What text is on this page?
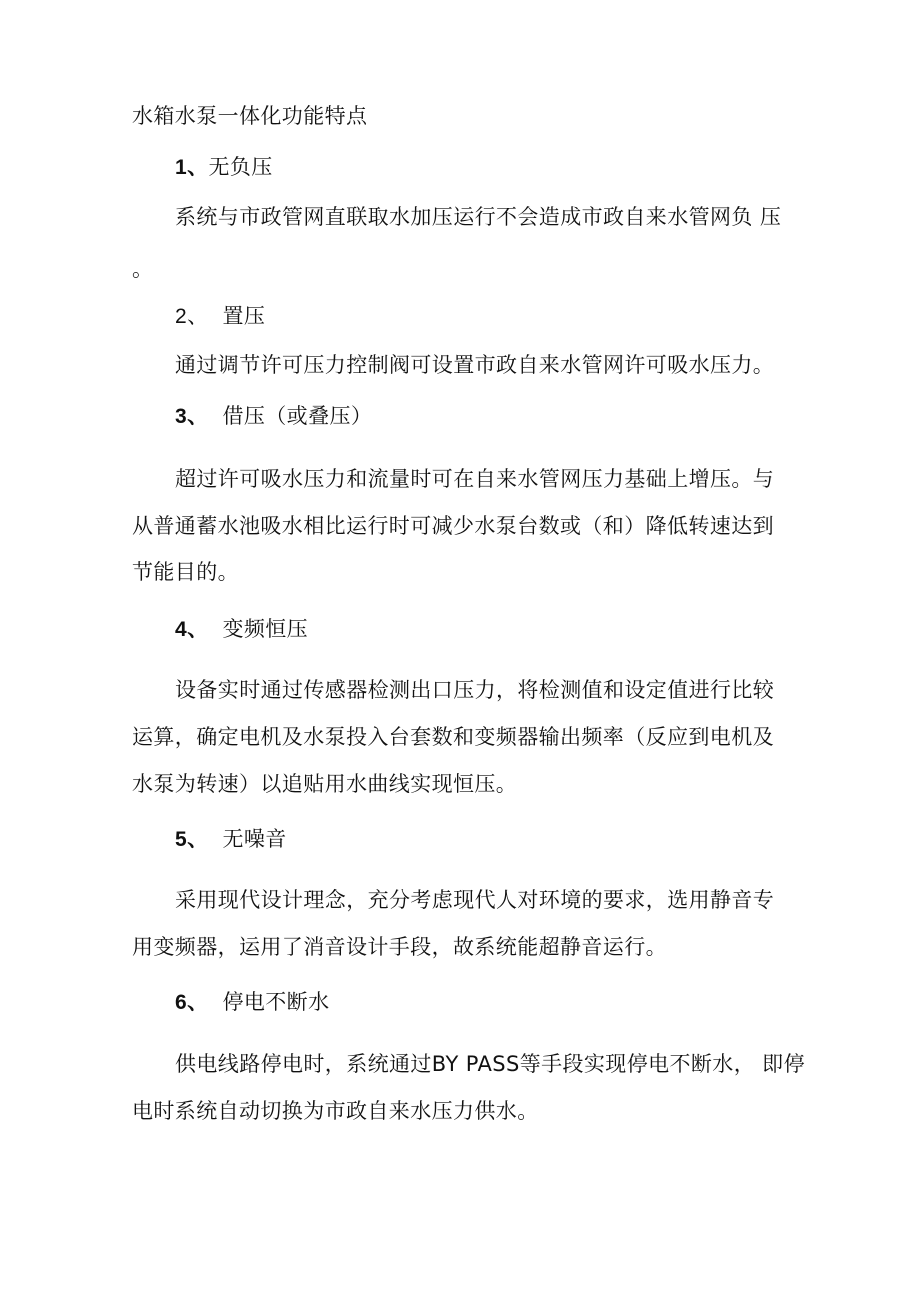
水箱水泵一体化功能特点
1、无负压
系统与市政管网直联取水加压运行不会造成市政自来水管网负 压
。
2、 置压
通过调节许可压力控制阀可设置市政自来水管网许可吸水压力。
3、 借压（或叠压）
超过许可吸水压力和流量时可在自来水管网压力基础上增压。与
从普通蓄水池吸水相比运行时可减少水泵台数或（和）降低转速达到
节能目的。
4、 变频恒压
设备实时通过传感器检测出口压力，将检测值和设定值进行比较
运算，确定电机及水泵投入台套数和变频器输出频率（反应到电机及
水泵为转速）以追贴用水曲线实现恒压。
5、 无噪音
采用现代设计理念，充分考虑现代人对环境的要求，选用静音专
用变频器，运用了消音设计手段，故系统能超静音运行。
6、 停电不断水
供电线路停电时，系统通过BY PASS等手段实现停电不断水， 即停
电时系统自动切换为市政自来水压力供水。
